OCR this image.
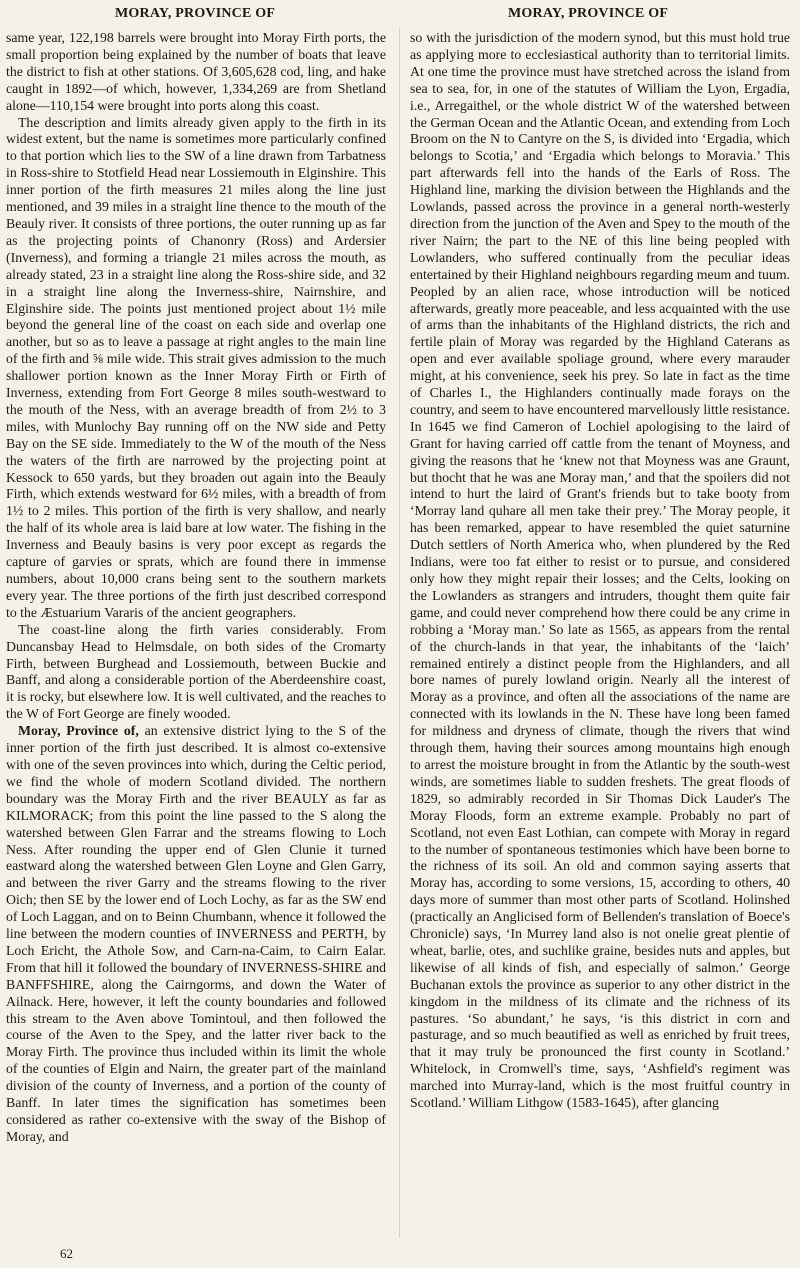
MORAY, PROVINCE OF	MORAY, PROVINCE OF

same year, 122,198 barrels were brought into Moray Firth ports, the small proportion being explained by the number of boats that leave the district to fish at other stations. Of 3,605,628 cod, ling, and hake caught in 1892—of which, however, 1,334,269 are from Shetland alone—110,154 were brought into ports along this coast.

The description and limits already given apply to the firth in its widest extent, but the name is sometimes more particularly confined to that portion which lies to the SW of a line drawn from Tarbatness in Ross-shire to Stotfield Head near Lossiemouth in Elginshire. This inner portion of the firth measures 21 miles along the line just mentioned, and 39 miles in a straight line thence to the mouth of the Beauly river. It consists of three portions, the outer running up as far as the projecting points of Chanonry (Ross) and Ardersier (Inverness), and forming a triangle 21 miles across the mouth, as already stated, 23 in a straight line along the Ross-shire side, and 32 in a straight line along the Inverness-shire, Nairnshire, and Elginshire side. The points just mentioned project about 1½ mile beyond the general line of the coast on each side and overlap one another, but so as to leave a passage at right angles to the main line of the firth and ⅝ mile wide. This strait gives admission to the much shallower portion known as the Inner Moray Firth or Firth of Inverness, extending from Fort George 8 miles south-westward to the mouth of the Ness, with an average breadth of from 2½ to 3 miles, with Munlochy Bay running off on the NW side and Petty Bay on the SE side. Immediately to the W of the mouth of the Ness the waters of the firth are narrowed by the projecting point at Kessock to 650 yards, but they broaden out again into the Beauly Firth, which extends westward for 6½ miles, with a breadth of from 1½ to 2 miles. This portion of the firth is very shallow, and nearly the half of its whole area is laid bare at low water. The fishing in the Inverness and Beauly basins is very poor except as regards the capture of garvies or sprats, which are found there in immense numbers, about 10,000 crans being sent to the southern markets every year. The three portions of the firth just described correspond to the Æstuarium Vararis of the ancient geographers.

The coast-line along the firth varies considerably. From Duncansbay Head to Helmsdale, on both sides of the Cromarty Firth, between Burghead and Lossiemouth, between Buckie and Banff, and along a considerable portion of the Aberdeenshire coast, it is rocky, but elsewhere low. It is well cultivated, and the reaches to the W of Fort George are finely wooded.

Moray, Province of, an extensive district lying to the S of the inner portion of the firth just described. It is almost co-extensive with one of the seven provinces into which, during the Celtic period, we find the whole of modern Scotland divided. The northern boundary was the Moray Firth and the river BEAULY as far as KILMORACK; from this point the line passed to the S along the watershed between Glen Farrar and the streams flowing to Loch Ness. After rounding the upper end of Glen Clunie it turned eastward along the watershed between Glen Loyne and Glen Garry, and between the river Garry and the streams flowing to the river Oich; then SE by the lower end of Loch Lochy, as far as the SW end of Loch Laggan, and on to Beinn Chumbann, whence it followed the line between the modern counties of INVERNESS and PERTH, by Loch Ericht, the Athole Sow, and Carn-na-Caim, to Cairn Ealar. From that hill it followed the boundary of INVERNESS-SHIRE and BANFFSHIRE, along the Cairngorms, and down the Water of Ailnack. Here, however, it left the county boundaries and followed this stream to the Aven above Tomintoul, and then followed the course of the Aven to the Spey, and the latter river back to the Moray Firth. The province thus included within its limit the whole of the counties of Elgin and Nairn, the greater part of the mainland division of the county of Inverness, and a portion of the county of Banff. In later times the signification has sometimes been considered as rather co-extensive with the sway of the Bishop of Moray, and

so with the jurisdiction of the modern synod, but this must hold true as applying more to ecclesiastical authority than to territorial limits. At one time the province must have stretched across the island from sea to sea, for, in one of the statutes of William the Lyon, Ergadia, i.e., Arregaithel, or the whole district W of the watershed between the German Ocean and the Atlantic Ocean, and extending from Loch Broom on the N to Cantyre on the S, is divided into ‘Ergadia, which belongs to Scotia,’ and ‘Ergadia which belongs to Moravia.’ This part afterwards fell into the hands of the Earls of Ross. The Highland line, marking the division between the Highlands and the Lowlands, passed across the province in a general north-westerly direction from the junction of the Aven and Spey to the mouth of the river Nairn; the part to the NE of this line being peopled with Lowlanders, who suffered continually from the peculiar ideas entertained by their Highland neighbours regarding meum and tuum. Peopled by an alien race, whose introduction will be noticed afterwards, greatly more peaceable, and less acquainted with the use of arms than the inhabitants of the Highland districts, the rich and fertile plain of Moray was regarded by the Highland Caterans as open and ever available spoliage ground, where every marauder might, at his convenience, seek his prey. So late in fact as the time of Charles I., the Highlanders continually made forays on the country, and seem to have encountered marvellously little resistance. In 1645 we find Cameron of Lochiel apologising to the laird of Grant for having carried off cattle from the tenant of Moyness, and giving the reasons that he ‘knew not that Moyness was ane Graunt, but thocht that he was ane Moray man,’ and that the spoilers did not intend to hurt the laird of Grant's friends but to take booty from ‘Morray land quhare all men take their prey.’ The Moray people, it has been remarked, appear to have resembled the quiet saturnine Dutch settlers of North America who, when plundered by the Red Indians, were too fat either to resist or to pursue, and considered only how they might repair their losses; and the Celts, looking on the Lowlanders as strangers and intruders, thought them quite fair game, and could never comprehend how there could be any crime in robbing a ‘Moray man.’ So late as 1565, as appears from the rental of the church-lands in that year, the inhabitants of the ‘laich’ remained entirely a distinct people from the Highlanders, and all bore names of purely lowland origin. Nearly all the interest of Moray as a province, and often all the associations of the name are connected with its lowlands in the N. These have long been famed for mildness and dryness of climate, though the rivers that wind through them, having their sources among mountains high enough to arrest the moisture brought in from the Atlantic by the south-west winds, are sometimes liable to sudden freshets. The great floods of 1829, so admirably recorded in Sir Thomas Dick Lauder's The Moray Floods, form an extreme example. Probably no part of Scotland, not even East Lothian, can compete with Moray in regard to the number of spontaneous testimonies which have been borne to the richness of its soil. An old and common saying asserts that Moray has, according to some versions, 15, according to others, 40 days more of summer than most other parts of Scotland. Holinshed (practically an Anglicised form of Bellenden's translation of Boece's Chronicle) says, ‘In Murrey land also is not onelie great plentie of wheat, barlie, otes, and suchlike graine, besides nuts and apples, but likewise of all kinds of fish, and especially of salmon.’ George Buchanan extols the province as superior to any other district in the kingdom in the mildness of its climate and the richness of its pastures. ‘So abundant,’ he says, ‘is this district in corn and pasturage, and so much beautified as well as enriched by fruit trees, that it may truly be pronounced the first county in Scotland.’ Whitelock, in Cromwell's time, says, ‘Ashfield's regiment was marched into Murray-land, which is the most fruitful country in Scotland.’ William Lithgow (1583-1645), after glancing

62
